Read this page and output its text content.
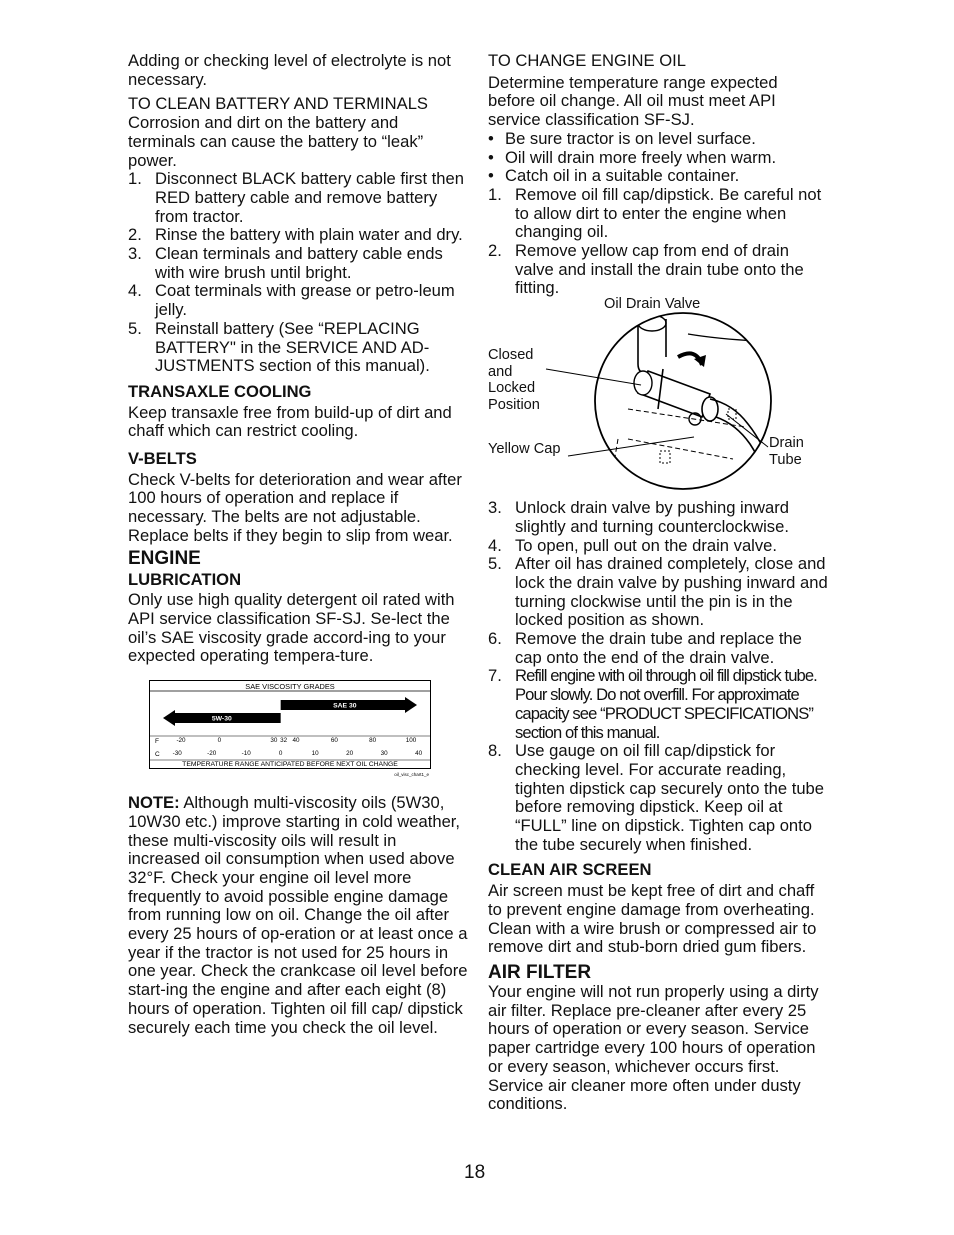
Adding or checking level of electrolyte is not necessary.

TO CLEAN BATTERY AND TERMINALS

Corrosion and dirt on the battery and terminals can cause the battery to “leak” power.

1. Disconnect BLACK battery cable first then RED battery cable and remove battery from tractor.
2. Rinse the battery with plain water and dry.
3. Clean terminals and battery cable ends with wire brush until bright.
4. Coat terminals with grease or petro-leum jelly.
5. Reinstall battery (See “REPLACING BATTERY" in the SERVICE AND AD-JUSTMENTS section of this manual).

TRANSAXLE COOLING

Keep transaxle free from build-up of dirt and chaff which can restrict cooling.

V-BELTS

Check V-belts for deterioration and wear after 100 hours of operation and replace if necessary. The belts are not adjustable. Replace belts if they begin to slip from wear.

ENGINE

LUBRICATION

Only use high quality detergent oil rated with API service classification SF-SJ. Se-lect the oil’s SAE viscosity grade accord-ing to your expected operating tempera-ture.

SAE VISCOSITY GRADES
5W-30
SAE 30
-20	0	30 32 40	60	80	100
-30	-20	-10	0	10	20	30	40
F
C
TEMPERATURE RANGE ANTICIPATED BEFORE NEXT OIL CHANGE
oil_visc_chart1_e

NOTE: Although multi-viscosity oils (5W30, 10W30 etc.) improve starting in cold weather, these multi-viscosity oils will result in increased oil consumption when used above 32°F. Check your engine oil level more frequently to avoid possible engine damage from running low on oil. Change the oil after every 25 hours of op-eration or at least once a year if the tractor is not used for 25 hours in one year. Check the crankcase oil level before start-ing the engine and after each eight (8) hours of operation. Tighten oil fill cap/ dipstick securely each time you check the oil level.

TO CHANGE ENGINE OIL

Determine temperature range expected before oil change. All oil must meet API service classification SF-SJ.

• Be sure tractor is on level surface.
• Oil will drain more freely when warm.
• Catch oil in a suitable container.
1. Remove oil fill cap/dipstick. Be careful not to allow dirt to enter the engine when changing oil.
2. Remove yellow cap from end of drain valve and install the drain tube onto the fitting.
Oil Drain Valve
Closed and Locked Position
Yellow Cap	Drain Tube
3. Unlock drain valve by pushing inward slightly and turning counterclockwise.
4. To open, pull out on the drain valve.
5. After oil has drained completely, close and lock the drain valve by pushing inward and turning clockwise until the pin is in the locked position as shown.
6. Remove the drain tube and replace the cap onto the end of the drain valve.
7. Refill engine with oil through oil fill dipstick tube. Pour slowly. Do not overfill. For approximate capacity see “PRODUCT SPECIFICATIONS” section of this manual.
8. Use gauge on oil fill cap/dipstick for checking level. For accurate reading, tighten dipstick cap securely onto the tube before removing dipstick. Keep oil at “FULL” line on dipstick. Tighten cap onto the tube securely when finished.

CLEAN AIR SCREEN

Air screen must be kept free of dirt and chaff to prevent engine damage from overheating. Clean with a wire brush or compressed air to remove dirt and stub-born dried gum fibers.

AIR FILTER

Your engine will not run properly using a dirty air filter. Replace pre-cleaner after every 25 hours of operation or every season. Service paper cartridge every 100 hours of operation or every season, whichever occurs first.

Service air cleaner more often under dusty conditions.

18
